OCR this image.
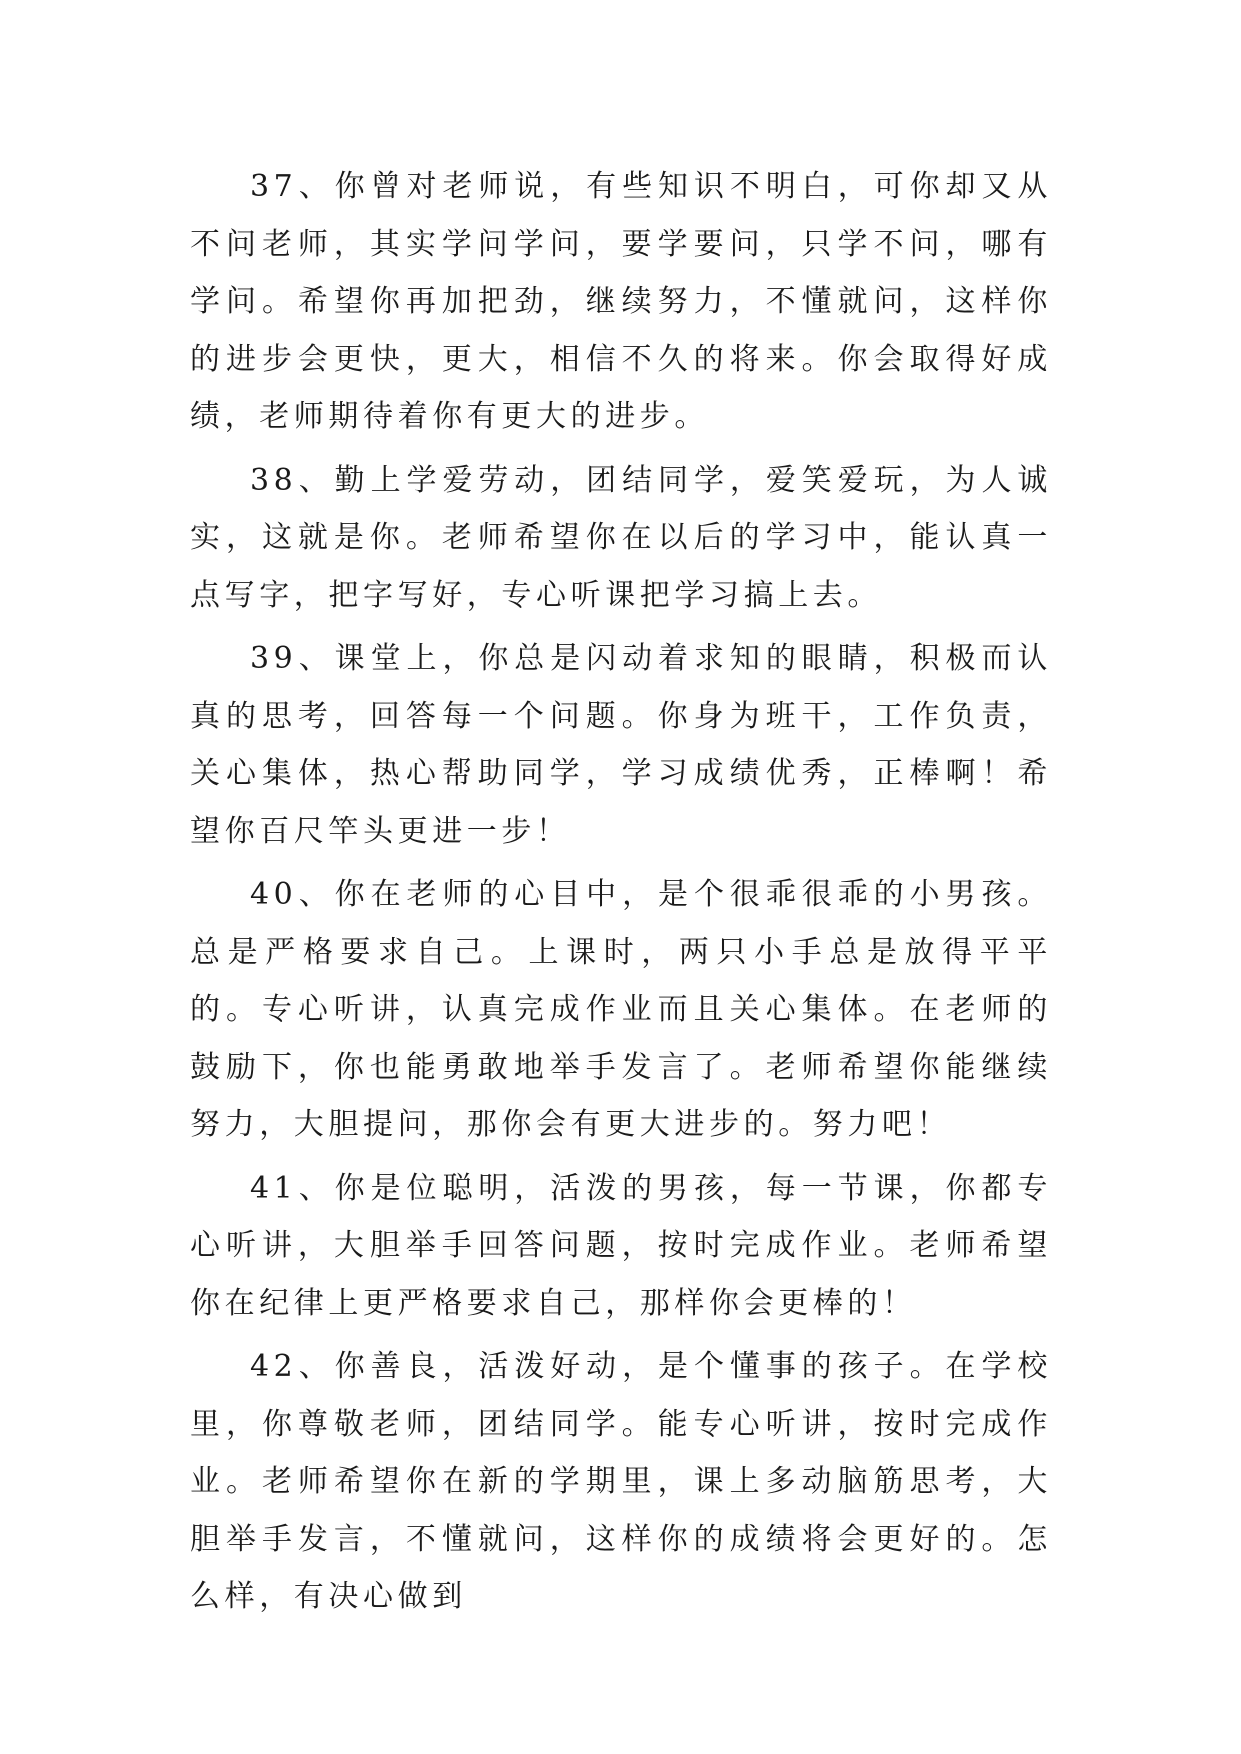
37、你曾对老师说，有些知识不明白，可你却又从不问老师，其实学问学问，要学要问，只学不问，哪有学问。希望你再加把劲，继续努力，不懂就问，这样你的进步会更快，更大，相信不久的将来。你会取得好成绩，老师期待着你有更大的进步。

38、勤上学爱劳动，团结同学，爱笑爱玩，为人诚实，这就是你。老师希望你在以后的学习中，能认真一点写字，把字写好，专心听课把学习搞上去。

39、课堂上，你总是闪动着求知的眼睛，积极而认真的思考，回答每一个问题。你身为班干，工作负责，关心集体，热心帮助同学，学习成绩优秀，正棒啊！希望你百尺竿头更进一步！

40、你在老师的心目中，是个很乖很乖的小男孩。总是严格要求自己。上课时，两只小手总是放得平平的。专心听讲，认真完成作业而且关心集体。在老师的鼓励下，你也能勇敢地举手发言了。老师希望你能继续努力，大胆提问，那你会有更大进步的。努力吧！

41、你是位聪明，活泼的男孩，每一节课，你都专心听讲，大胆举手回答问题，按时完成作业。老师希望你在纪律上更严格要求自己，那样你会更棒的！

42、你善良，活泼好动，是个懂事的孩子。在学校里，你尊敬老师，团结同学。能专心听讲，按时完成作业。老师希望你在新的学期里，课上多动脑筋思考，大胆举手发言，不懂就问，这样你的成绩将会更好的。怎么样，有决心做到
